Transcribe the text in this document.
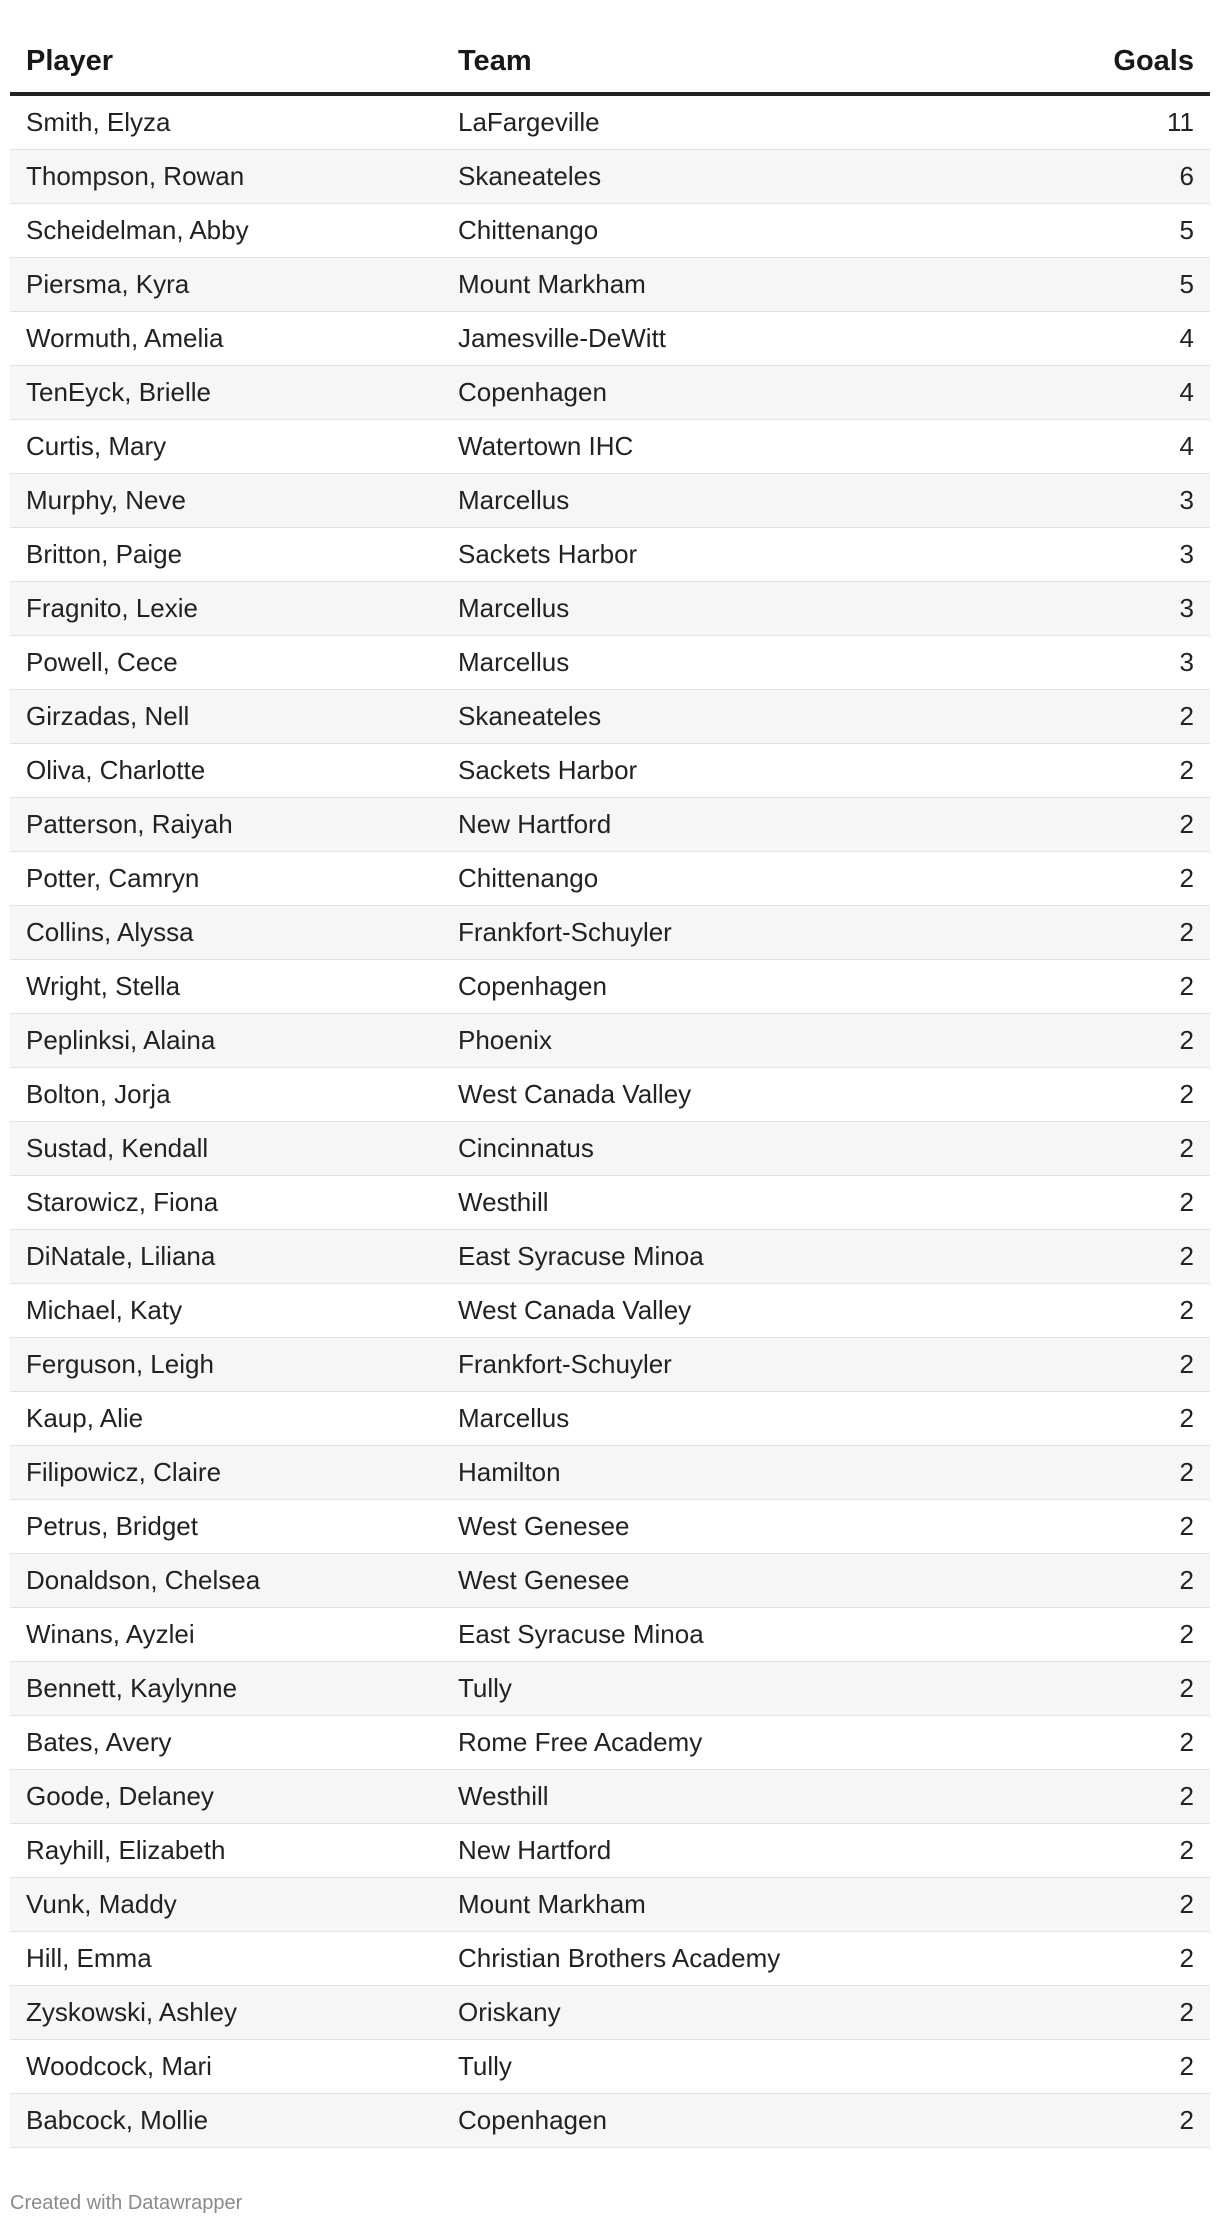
Player	Team	Goals
Smith, Elyza	LaFargeville	11
Thompson, Rowan	Skaneateles	6
Scheidelman, Abby	Chittenango	5
Piersma, Kyra	Mount Markham	5
Wormuth, Amelia	Jamesville-DeWitt	4
TenEyck, Brielle	Copenhagen	4
Curtis, Mary	Watertown IHC	4
Murphy, Neve	Marcellus	3
Britton, Paige	Sackets Harbor	3
Fragnito, Lexie	Marcellus	3
Powell, Cece	Marcellus	3
Girzadas, Nell	Skaneateles	2
Oliva, Charlotte	Sackets Harbor	2
Patterson, Raiyah	New Hartford	2
Potter, Camryn	Chittenango	2
Collins, Alyssa	Frankfort-Schuyler	2
Wright, Stella	Copenhagen	2
Peplinksi, Alaina	Phoenix	2
Bolton, Jorja	West Canada Valley	2
Sustad, Kendall	Cincinnatus	2
Starowicz, Fiona	Westhill	2
DiNatale, Liliana	East Syracuse Minoa	2
Michael, Katy	West Canada Valley	2
Ferguson, Leigh	Frankfort-Schuyler	2
Kaup, Alie	Marcellus	2
Filipowicz, Claire	Hamilton	2
Petrus, Bridget	West Genesee	2
Donaldson, Chelsea	West Genesee	2
Winans, Ayzlei	East Syracuse Minoa	2
Bennett, Kaylynne	Tully	2
Bates, Avery	Rome Free Academy	2
Goode, Delaney	Westhill	2
Rayhill, Elizabeth	New Hartford	2
Vunk, Maddy	Mount Markham	2
Hill, Emma	Christian Brothers Academy	2
Zyskowski, Ashley	Oriskany	2
Woodcock, Mari	Tully	2
Babcock, Mollie	Copenhagen	2
Created with Datawrapper
